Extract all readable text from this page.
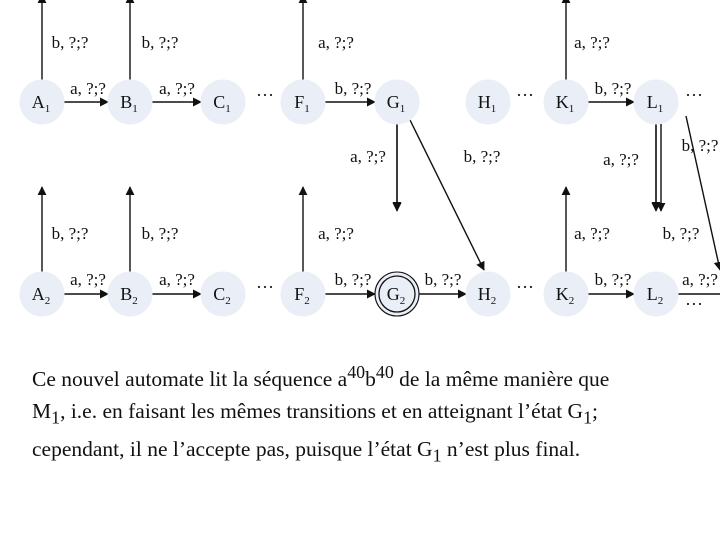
$A_1$	$B_1$	$C_1$	$F_1$	$G_1$	$H_1$	$K_1$	$L_1$
$A_2$	$B_2$	$C_2$	$F_2$	$G_2$	$H_2$	$K_2$	$L_2$
a, ?;?	a, ?;?	b, ?;?	b, ?;?
a, ?;?	a, ?;?	b, ?;?	b, ?;?	b, ?;?	a, ?;?
b, ?;?	b, ?;?	a, ?;?	a, ?;?
b, ?;?	b, ?;?	a, ?;?	a, ?;?
a, ?;?	b, ?;?	a, ?;?
b, ?;?
b, ?;?
···	···	···
···	···
···

Ce nouvel automate lit la séquence $a^{40}b^{40}$ de la même manière que

$M_1$, i.e. en faisant les mêmes transitions et en atteignant l’état $G_1$;

cependant, il ne l’accepte pas, puisque l’état $G_1$ n’est plus final.
